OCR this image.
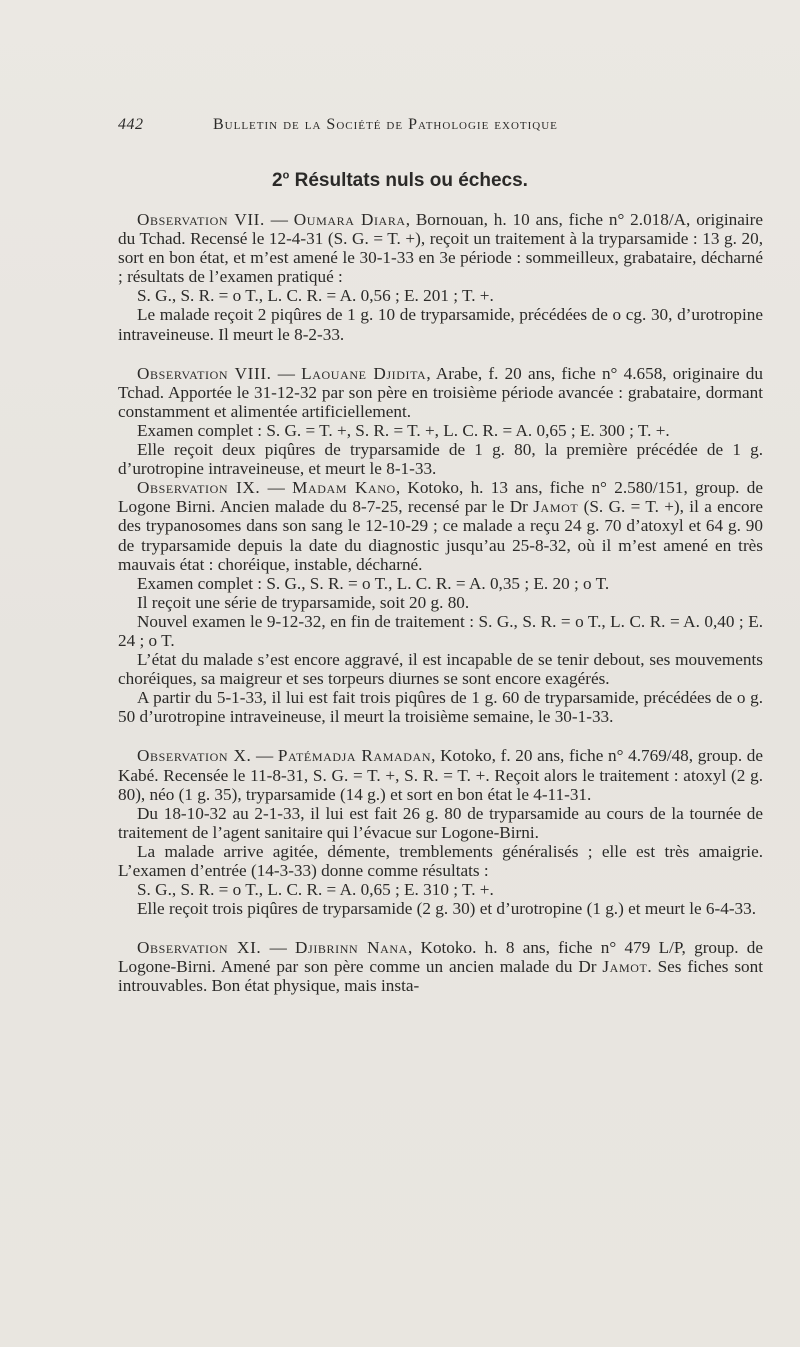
442	Bulletin de la Société de Pathologie exotique
2$^o$ Résultats nuls ou échecs.

Observation VII. — Oumara Diara, Bornouan, h. 10 ans, fiche n° 2.018/A, originaire du Tchad. Recensé le 12-4-31 (S. G. = T. +), reçoit un traitement à la tryparsamide : 13 g. 20, sort en bon état, et m’est amené le 30-1-33 en 3e période : sommeilleux, grabataire, décharné ; résultats de l’examen pratiqué :

S. G., S. R. = o T., L. C. R. = A. 0,56 ; E. 201 ; T. +.

Le malade reçoit 2 piqûres de 1 g. 10 de tryparsamide, précédées de o cg. 30, d’urotropine intraveineuse. Il meurt le 8-2-33.

Observation VIII. — Laouane Djidita, Arabe, f. 20 ans, fiche n° 4.658, originaire du Tchad. Apportée le 31-12-32 par son père en troisième période avancée : grabataire, dormant constamment et alimentée artificiellement.

Examen complet : S. G. = T. +, S. R. = T. +, L. C. R. = A. 0,65 ; E. 300 ; T. +.

Elle reçoit deux piqûres de tryparsamide de 1 g. 80, la première précédée de 1 g. d’urotropine intraveineuse, et meurt le 8-1-33.

Observation IX. — Madam Kano, Kotoko, h. 13 ans, fiche n° 2.580/151, group. de Logone Birni. Ancien malade du 8-7-25, recensé par le Dr Jamot (S. G. = T. +), il a encore des trypanosomes dans son sang le 12-10-29 ; ce malade a reçu 24 g. 70 d’atoxyl et 64 g. 90 de tryparsamide depuis la date du diagnostic jusqu’au 25-8-32, où il m’est amené en très mauvais état : choréique, instable, décharné.

Examen complet : S. G., S. R. = o T., L. C. R. = A. 0,35 ; E. 20 ; o T.

Il reçoit une série de tryparsamide, soit 20 g. 80.

Nouvel examen le 9-12-32, en fin de traitement : S. G., S. R. = o T., L. C. R. = A. 0,40 ; E. 24 ; o T.

L’état du malade s’est encore aggravé, il est incapable de se tenir debout, ses mouvements choréiques, sa maigreur et ses torpeurs diurnes se sont encore exagérés.

A partir du 5-1-33, il lui est fait trois piqûres de 1 g. 60 de tryparsamide, précédées de o g. 50 d’urotropine intraveineuse, il meurt la troisième semaine, le 30-1-33.

Observation X. — Patémadja Ramadan, Kotoko, f. 20 ans, fiche n° 4.769/48, group. de Kabé. Recensée le 11-8-31, S. G. = T. +, S. R. = T. +. Reçoit alors le traitement : atoxyl (2 g. 80), néo (1 g. 35), tryparsamide (14 g.) et sort en bon état le 4-11-31.

Du 18-10-32 au 2-1-33, il lui est fait 26 g. 80 de tryparsamide au cours de la tournée de traitement de l’agent sanitaire qui l’évacue sur Logone-Birni.

La malade arrive agitée, démente, tremblements généralisés ; elle est très amaigrie. L’examen d’entrée (14-3-33) donne comme résultats :

S. G., S. R. = o T., L. C. R. = A. 0,65 ; E. 310 ; T. +.

Elle reçoit trois piqûres de tryparsamide (2 g. 30) et d’urotropine (1 g.) et meurt le 6-4-33.

Observation XI. — Djibrinn Nana, Kotoko. h. 8 ans, fiche n° 479 L/P, group. de Logone-Birni. Amené par son père comme un ancien malade du Dr Jamot. Ses fiches sont introuvables. Bon état physique, mais insta-
